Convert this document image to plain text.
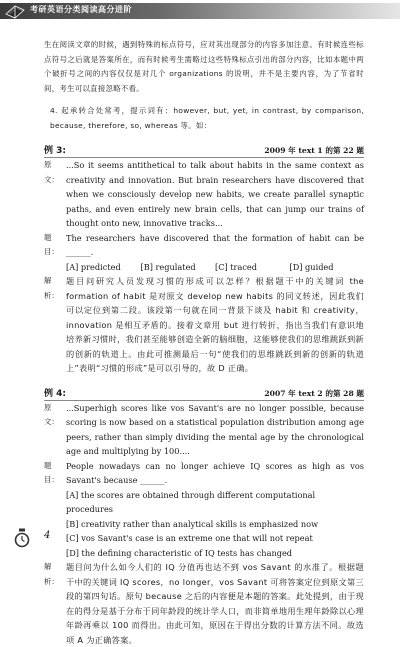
考研英语分类阅读高分进阶

生在阅读文章的时候，遇到特殊的标点符号，应对其出现部分的内容多加注意。有时候连些标点符号之后就是答案所在，而有时候考生需略过这些特殊标点引出的部分内容，比如本题中两个破折号之间的内容仅仅是对几个 organizations 的说明，并不是主要内容，为了节省时间，考生可以直接忽略不看。

4. 起承转合处常考，提示词有：however, but, yet, in contrast, by comparison, because, therefore, so, whereas 等。如：

例 3:	2009 年 text 1 的第 22 题
原文：
...So it seems antithetical to talk about habits in the same context as creativity and innovation. But brain researchers have discovered that when we consciously develop new habits, we create parallel synaptic paths, and even entirely new brain cells, that can jump our trains of thought onto new, innovative tracks...
题目：
The researchers have discovered that the formation of habit can be ______.
[A] predicted	[B] regulated	[C] traced	[D] guided
解析：
题目问研究人员发现习惯的形成可以怎样？根据题干中的关键词 the formation of habit 是对原文 develop new habits 的同义转述，因此我们可以定位到第二段。该段第一句就在同一背景下谈及 habit 和 creativity，innovation 是相互矛盾的。接着文章用 but 进行转折，指出当我们有意识地培养新习惯时，我们甚至能够创造全新的脑细胞，这能够使我们的思维跳跃到新的创新的轨道上。由此可推测最后一句“使我们的思维跳跃到新的创新的轨道上”表明“习惯的形成”是可以引导的，故 D 正确。
例 4:	2007 年 text 2 的第 28 题
原文：
...Superhigh scores like vos Savant's are no longer possible, because scoring is now based on a statistical population distribution among age peers, rather than simply dividing the mental age by the chronological age and multiplying by 100....
题目：
People nowadays can no longer achieve IQ scores as high as vos Savant's because ______.
[A] the scores are obtained through different computational procedures
[B] creativity rather than analytical skills is emphasized now
[C] vos Savant's case is an extreme one that will not repeat
[D] the defining characteristic of IQ tests has changed
解析：
题目问为什么如今人们的 IQ 分值再也达不到 vos Savant 的水准了。根据题干中的关键词 IQ scores，no longer，vos Savant 可将答案定位到原文第三段的第四句话。原句 because 之后的内容便是本题的答案。此处提到，由于现在的得分是基于分布于同年龄段的统计学人口，而非简单地用生理年龄除以心理年龄再乘以 100 而得出。由此可知，原因在于得出分数的计算方法不同。故选项 A 为正确答案。
4
